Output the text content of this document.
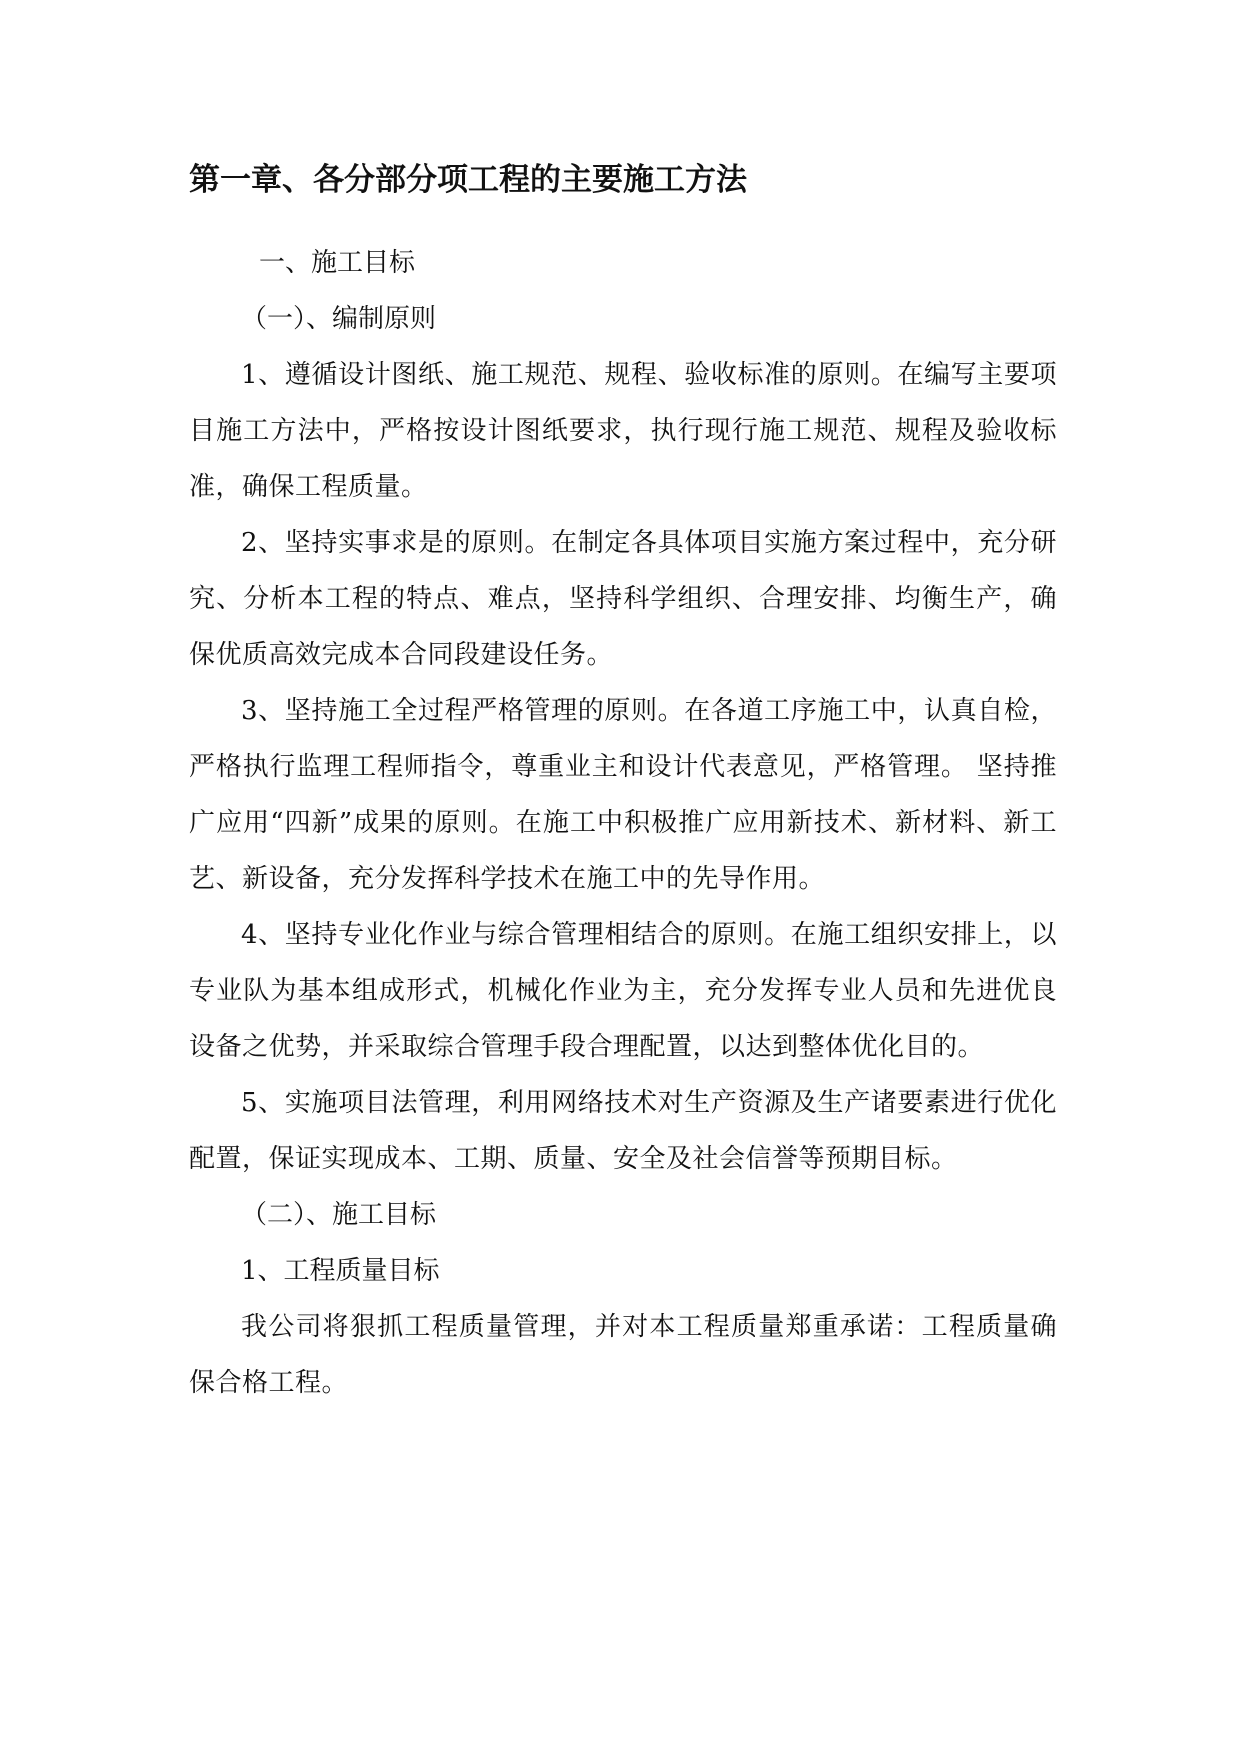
第一章、各分部分项工程的主要施工方法

一、施工目标

（一）、编制原则

1、遵循设计图纸、施工规范、规程、验收标准的原则。在编写主要项目施工方法中，严格按设计图纸要求，执行现行施工规范、规程及验收标准，确保工程质量。

2、坚持实事求是的原则。在制定各具体项目实施方案过程中，充分研究、分析本工程的特点、难点，坚持科学组织、合理安排、均衡生产，确保优质高效完成本合同段建设任务。

3、坚持施工全过程严格管理的原则。在各道工序施工中，认真自检，严格执行监理工程师指令，尊重业主和设计代表意见，严格管理。 坚持推广应用“四新”成果的原则。在施工中积极推广应用新技术、新材料、新工艺、新设备，充分发挥科学技术在施工中的先导作用。

4、坚持专业化作业与综合管理相结合的原则。在施工组织安排上，以专业队为基本组成形式，机械化作业为主，充分发挥专业人员和先进优良设备之优势，并采取综合管理手段合理配置，以达到整体优化目的。

5、实施项目法管理，利用网络技术对生产资源及生产诸要素进行优化配置，保证实现成本、工期、质量、安全及社会信誉等预期目标。

（二）、施工目标

1、工程质量目标

我公司将狠抓工程质量管理，并对本工程质量郑重承诺：工程质量确保合格工程。
